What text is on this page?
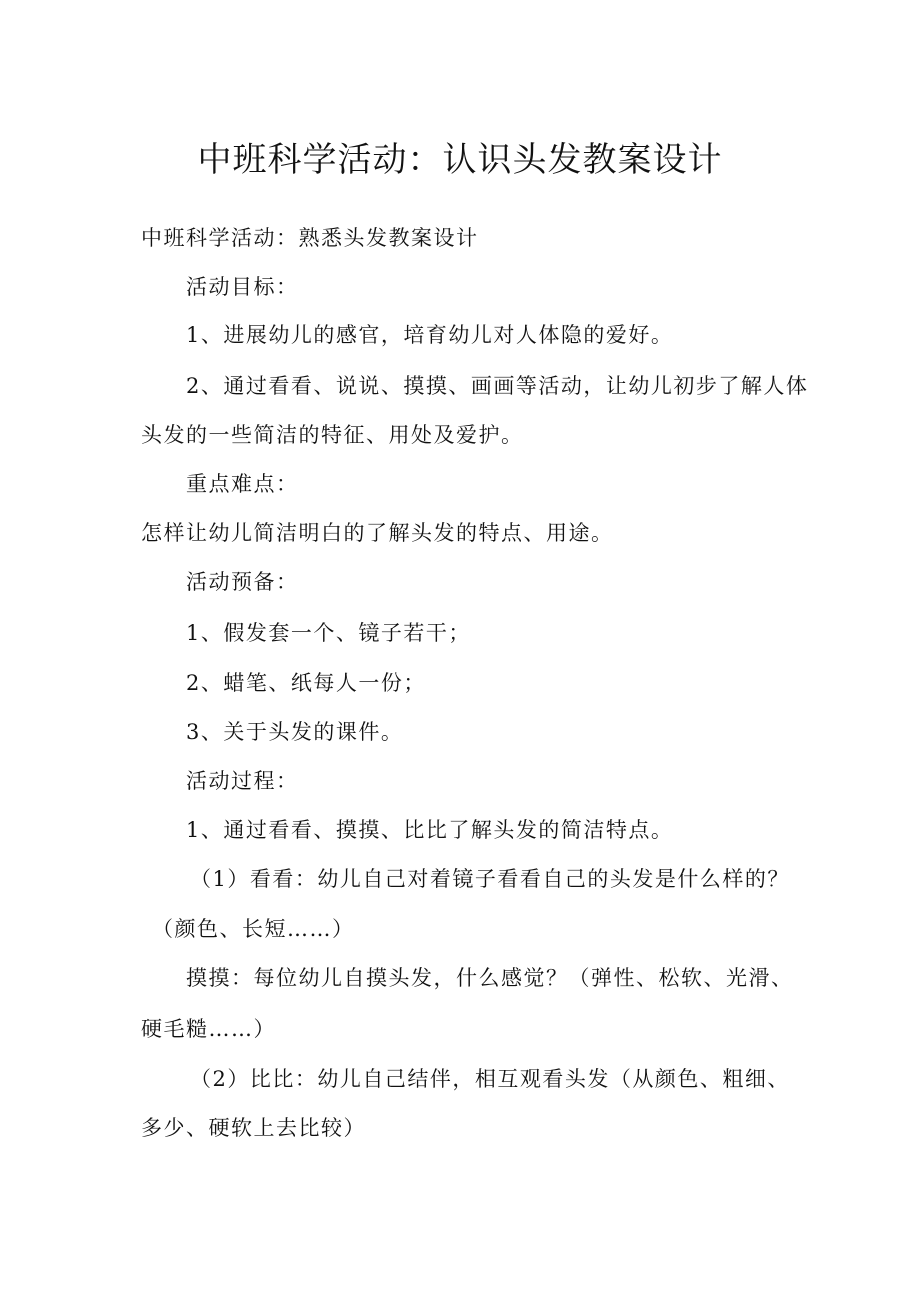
中班科学活动：认识头发教案设计

中班科学活动：熟悉头发教案设计

活动目标：

1、进展幼儿的感官，培育幼儿对人体隐的爱好。

2、通过看看、说说、摸摸、画画等活动，让幼儿初步了解人体

头发的一些简洁的特征、用处及爱护。

重点难点：

怎样让幼儿简洁明白的了解头发的特点、用途。

活动预备：

1、假发套一个、镜子若干；

2、蜡笔、纸每人一份；

3、关于头发的课件。

活动过程：

1、通过看看、摸摸、比比了解头发的简洁特点。

（1）看看：幼儿自己对着镜子看看自己的头发是什么样的？

（颜色、长短……）

摸摸：每位幼儿自摸头发，什么感觉？（弹性、松软、光滑、

硬毛糙……）

（2）比比：幼儿自己结伴，相互观看头发（从颜色、粗细、

多少、硬软上去比较）
